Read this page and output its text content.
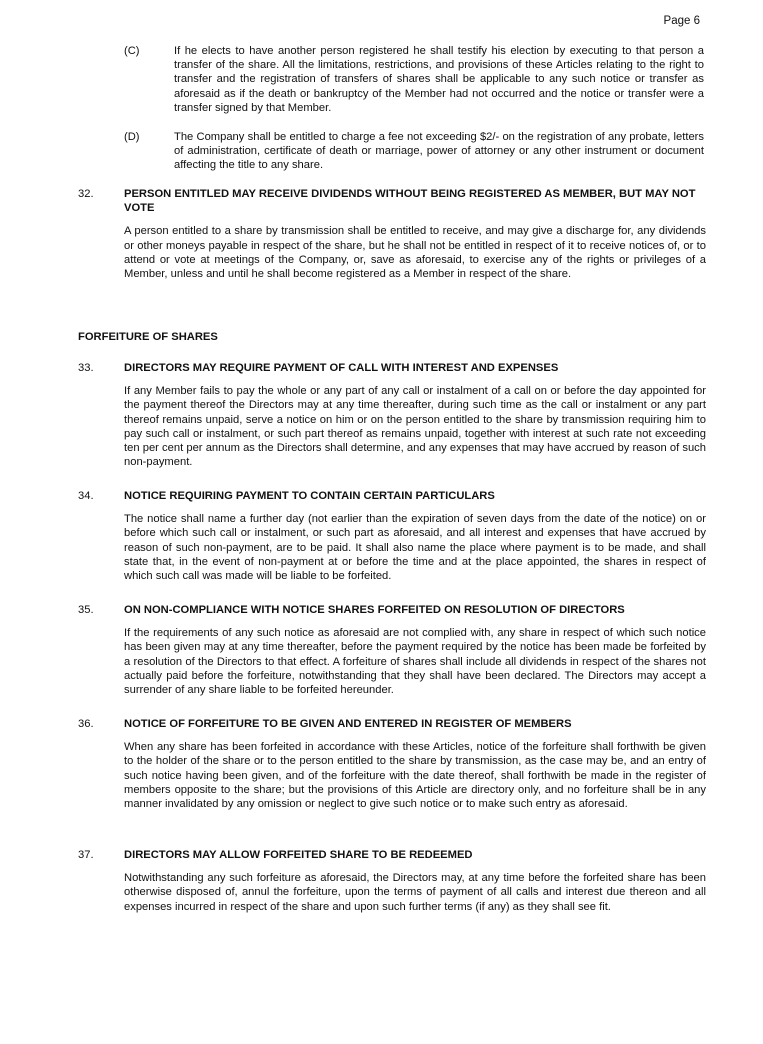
Page 6
(C)	If he elects to have another person registered he shall testify his election by executing to that person a transfer of the share. All the limitations, restrictions, and provisions of these Articles relating to the right to transfer and the registration of transfers of shares shall be applicable to any such notice or transfer as aforesaid as if the death or bankruptcy of the Member had not occurred and the notice or transfer were a transfer signed by that Member.
(D)	The Company shall be entitled to charge a fee not exceeding $2/- on the registration of any probate, letters of administration, certificate of death or marriage, power of attorney or any other instrument or document affecting the title to any share.
32.	PERSON ENTITLED MAY RECEIVE DIVIDENDS WITHOUT BEING REGISTERED AS MEMBER, BUT MAY NOT VOTE
A person entitled to a share by transmission shall be entitled to receive, and may give a discharge for, any dividends or other moneys payable in respect of the share, but he shall not be entitled in respect of it to receive notices of, or to attend or vote at meetings of the Company, or, save as aforesaid, to exercise any of the rights or privileges of a Member, unless and until he shall become registered as a Member in respect of the share.
FORFEITURE OF SHARES
33.	DIRECTORS MAY REQUIRE PAYMENT OF CALL WITH INTEREST AND EXPENSES
If any Member fails to pay the whole or any part of any call or instalment of a call on or before the day appointed for the payment thereof the Directors may at any time thereafter, during such time as the call or instalment or any part thereof remains unpaid, serve a notice on him or on the person entitled to the share by transmission requiring him to pay such call or instalment, or such part thereof as remains unpaid, together with interest at such rate not exceeding ten per cent per annum as the Directors shall determine, and any expenses that may have accrued by reason of such non-payment.
34.	NOTICE REQUIRING PAYMENT TO CONTAIN CERTAIN PARTICULARS
The notice shall name a further day (not earlier than the expiration of seven days from the date of the notice) on or before which such call or instalment, or such part as aforesaid, and all interest and expenses that have accrued by reason of such non-payment, are to be paid. It shall also name the place where payment is to be made, and shall state that, in the event of non-payment at or before the time and at the place appointed, the shares in respect of which such call was made will be liable to be forfeited.
35.	ON NON-COMPLIANCE WITH NOTICE SHARES FORFEITED ON RESOLUTION OF DIRECTORS
If the requirements of any such notice as aforesaid are not complied with, any share in respect of which such notice has been given may at any time thereafter, before the payment required by the notice has been made be forfeited by a resolution of the Directors to that effect. A forfeiture of shares shall include all dividends in respect of the shares not actually paid before the forfeiture, notwithstanding that they shall have been declared. The Directors may accept a surrender of any share liable to be forfeited hereunder.
36.	NOTICE OF FORFEITURE TO BE GIVEN AND ENTERED IN REGISTER OF MEMBERS
When any share has been forfeited in accordance with these Articles, notice of the forfeiture shall forthwith be given to the holder of the share or to the person entitled to the share by transmission, as the case may be, and an entry of such notice having been given, and of the forfeiture with the date thereof, shall forthwith be made in the register of members opposite to the share; but the provisions of this Article are directory only, and no forfeiture shall be in any manner invalidated by any omission or neglect to give such notice or to make such entry as aforesaid.
37.	DIRECTORS MAY ALLOW FORFEITED SHARE TO BE REDEEMED
Notwithstanding any such forfeiture as aforesaid, the Directors may, at any time before the forfeited share has been otherwise disposed of, annul the forfeiture, upon the terms of payment of all calls and interest due thereon and all expenses incurred in respect of the share and upon such further terms (if any) as they shall see fit.
